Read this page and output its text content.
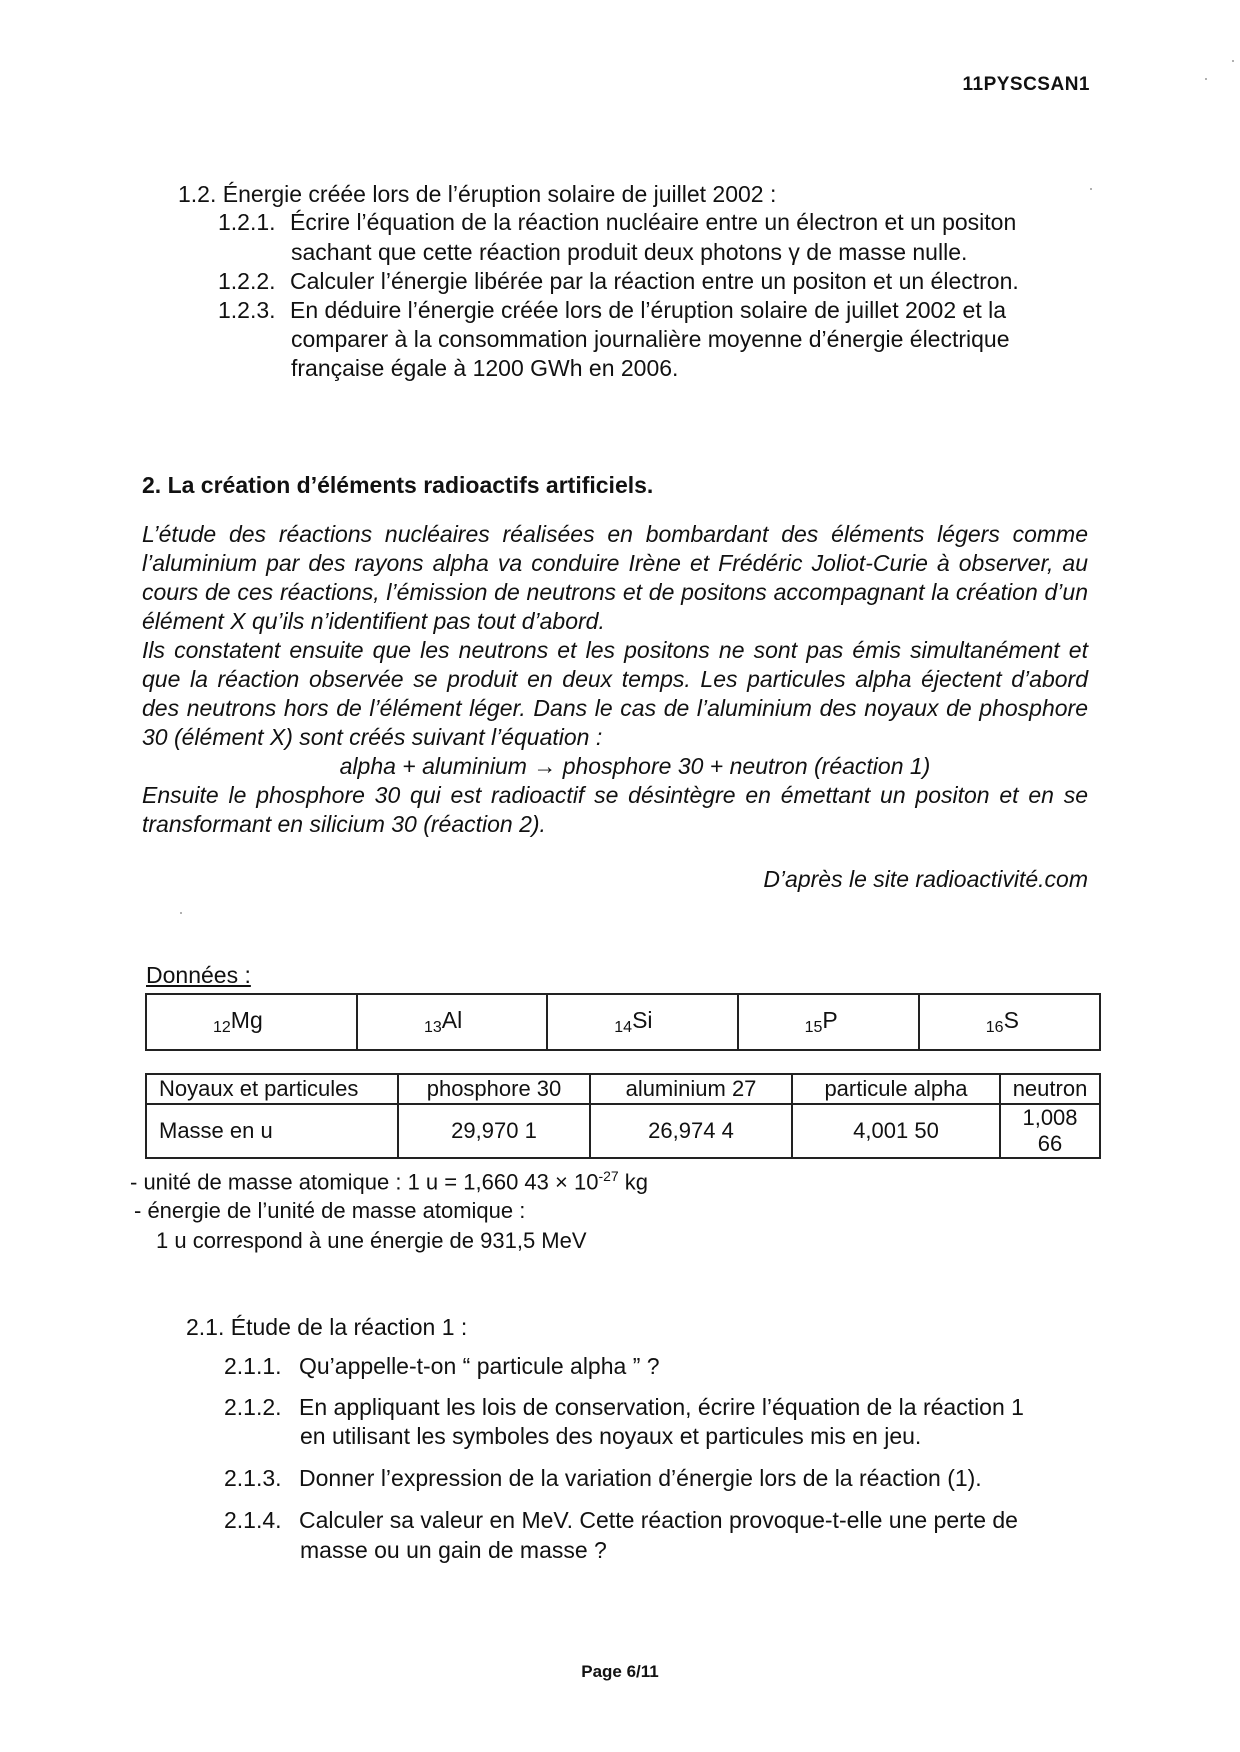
11PYSCSAN1
1.2. Énergie créée lors de l’éruption solaire de juillet 2002 :
1.2.1. Écrire l’équation de la réaction nucléaire entre un électron et un positon
sachant que cette réaction produit deux photons γ de masse nulle.
1.2.2. Calculer l’énergie libérée par la réaction entre un positon et un électron.
1.2.3. En déduire l’énergie créée lors de l’éruption solaire de juillet 2002 et la
comparer à la consommation journalière moyenne d’énergie électrique
française égale à 1200 GWh en 2006.
2. La création d’éléments radioactifs artificiels.

L’étude des réactions nucléaires réalisées en bombardant des éléments légers comme l’aluminium par des rayons alpha va conduire Irène et Frédéric Joliot-Curie à observer, au cours de ces réactions, l’émission de neutrons et de positons accompagnant la création d’un élément X qu’ils n’identifient pas tout d’abord.

Ils constatent ensuite que les neutrons et les positons ne sont pas émis simultanément et que la réaction observée se produit en deux temps. Les particules alpha éjectent d’abord des neutrons hors de l’élément léger. Dans le cas de l’aluminium des noyaux de phosphore 30 (élément X) sont créés suivant l’équation :

alpha + aluminium → phosphore 30 + neutron (réaction 1)

Ensuite le phosphore 30 qui est radioactif se désintègre en émettant un positon et en se transformant en silicium 30 (réaction 2).

D’après le site radioactivité.com
Données :
$_{12}$Mg	$_{13}$Al	$_{14}$Si	$_{15}$P	$_{16}$S
Noyaux et particules	phosphore 30	aluminium 27	particule alpha	neutron
Masse en u	29,970 1	26,974 4	4,001 50	1,008 66
- unité de masse atomique : 1 u = 1,660 $43 \times 10^{-27}$ kg
- énergie de l’unité de masse atomique :
1 u correspond à une énergie de 931,5 MeV
2.1. Étude de la réaction 1 :
2.1.1. Qu’appelle-t-on “ particule alpha ” ?
2.1.2. En appliquant les lois de conservation, écrire l’équation de la réaction 1
en utilisant les symboles des noyaux et particules mis en jeu.
2.1.3. Donner l’expression de la variation d’énergie lors de la réaction (1).
2.1.4. Calculer sa valeur en MeV. Cette réaction provoque-t-elle une perte de
masse ou un gain de masse ?
Page 6/11
